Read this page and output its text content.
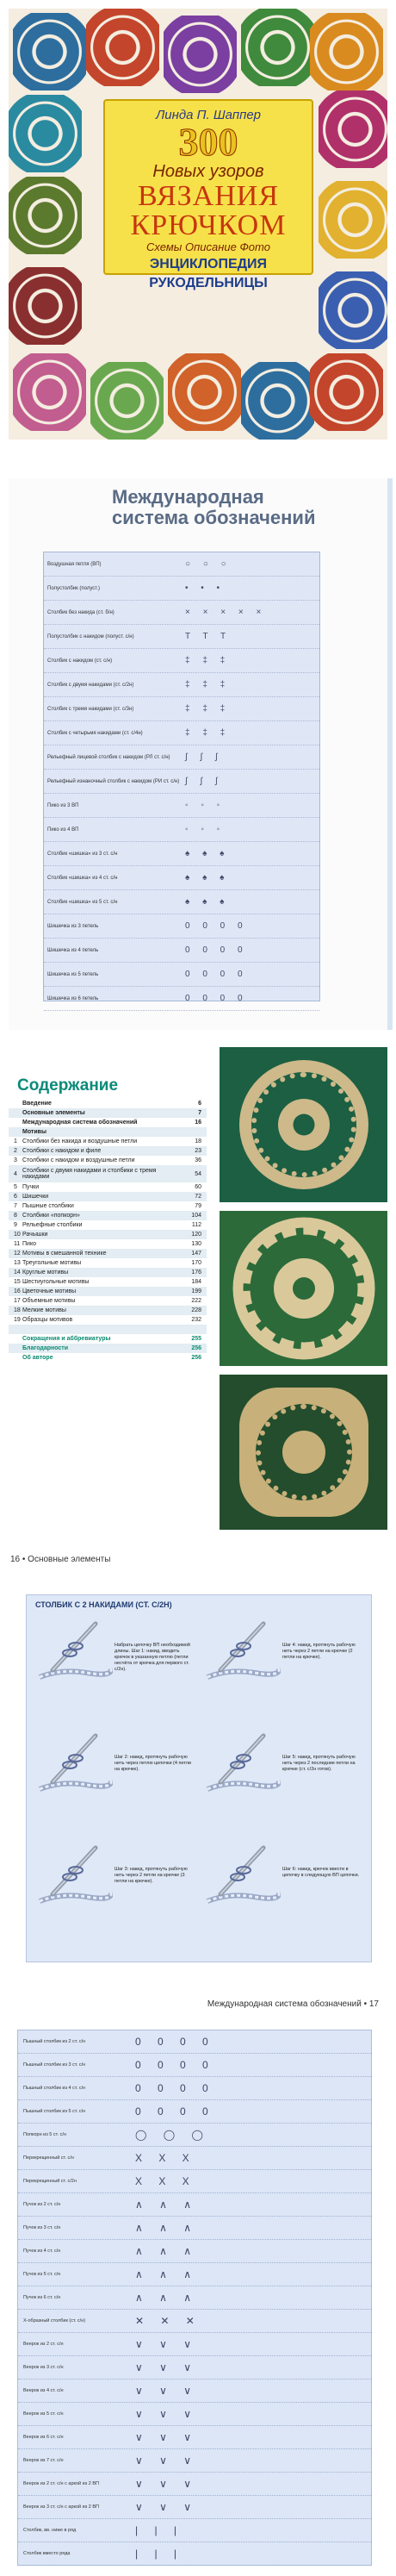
Линда П. Шаппер
300
Новых узоров
ВЯЗАНИЯ
КРЮЧКОМ
Схемы Описание Фото
ЭНЦИКЛОПЕДИЯ
РУКОДЕЛЬНИЦЫ
Международная
система обозначений
Воздушная петля (ВП)	○ ○ ○
Полустолбик (полуст.)	• • •
Столбик без накида (ст. б/н)	× × × × ×
Полустолбик с накидом (полуст. с/н)	T T T
Столбик с накидом (ст. с/н)	‡ ‡ ‡
Столбик с двумя накидами (ст. с/2н)	‡ ‡ ‡
Столбик с тремя накидами (ст. с/3н)	‡ ‡ ‡
Столбик с четырьмя накидами (ст. с/4н)	‡ ‡ ‡
Рельефный лицевой столбик с накидом (РЛ ст. с/н)	∫ ∫ ∫
Рельефный изнаночный столбик с накидом (РИ ст. с/н) ∫ ∫ ∫
Пико из 3 ВП	◦ ◦ ◦
Пико из 4 ВП	◦ ◦ ◦
Столбик «шишка» из 3 ст. с/н	♠ ♠ ♠
Столбик «шишка» из 4 ст. с/н	♠ ♠ ♠
Столбик «шишка» из 5 ст. с/н	♠ ♠ ♠
Шишечка из 3 петель	0 0 0 0
Шишечка из 4 петель	0 0 0 0
Шишечка из 5 петель	0 0 0 0
Шишечка из 6 петель	0 0 0 0
Содержание
Введение	6
Основные элементы	7
Международная система обозначений	16
Мотивы
1 Столбики без накида и воздушные петли	18
2 Столбики с накидом и филе	23
3 Столбики с накидом и воздушные петли	36
4 Столбики с двумя накидами и столбики с тремя накидами	54
5 Пучки	60
6 Шишечки	72
7 Пышные столбики	79
8 Столбики «попкорн»	104
9 Рельефные столбики	112
10 Рачышки	120
11 Пико	130
12 Мотивы в смешанной технике	147
13 Треугольные мотивы	170
14 Круглые мотивы	176
15 Шестиугольные мотивы	184
16 Цветочные мотивы	199
17 Объемные мотивы	222
18 Мелкие мотивы	228
19 Образцы мотивов	232
Сокращения и аббревиатуры	255
Благодарности	256
Об авторе	256
16 • Основные элементы
СТОЛБИК С 2 НАКИДАМИ (СТ. С/2Н)
Набрать цепочку ВП необходимой длины. Шаг 1: накид, вводить крючок в указанную петлю (петли несчёта от крючка для первого ст. с/2н).
Шаг 4: накид, протянуть рабочую нить через 2 петли на крючке (2 петли на крючке).
Шаг 2: накид, протянуть рабочую нить через петлю цепочки (4 петли на крючке).
Шаг 5: накид, протянуть рабочую нить через 2 последние петли на крючке (ст. с/2н готов).
Шаг 3: накид, протянуть рабочую нить через 2 петли на крючке (3 петли на крючке).
Шаг 6: накид, крючок ввести в цепочку в следующую ВП цепочки.
Международная система обозначений • 17
Пышный столбик из 2 ст. с/н	0 0 0 0
Пышный столбик из 3 ст. с/н	0 0 0 0
Пышный столбик из 4 ст. с/н	0 0 0 0
Пышный столбик из 5 ст. с/н	0 0 0 0
Попкорн из 5 ст. с/н	◯ ◯ ◯
Перекрещенный ст. с/н	X X X
Перекрещенный ст. с/2н	X X X
Пучок из 2 ст. с/н	∧ ∧ ∧
Пучок из 3 ст. с/н	∧ ∧ ∧
Пучок из 4 ст. с/н	∧ ∧ ∧
Пучок из 5 ст. с/н	∧ ∧ ∧
Пучок из 6 ст. с/н	∧ ∧ ∧
Х-образный столбик (ст. с/н)	✕ ✕ ✕
Веерок из 2 ст. с/н	∨ ∨ ∨
Веерок из 3 ст. с/н	∨ ∨ ∨
Веерок из 4 ст. с/н	∨ ∨ ∨
Веерок из 5 ст. с/н	∨ ∨ ∨
Веерок из 6 ст. с/н	∨ ∨ ∨
Веерок из 7 ст. с/н	∨ ∨ ∨
Веерок из 2 ст. с/н с аркой из 2 ВП	∨ ∨ ∨
Веерок из 3 ст. с/н с аркой из 2 ВП	∨ ∨ ∨
Столбик, вв. ниже в ряд	| | |
Столбик вместо ряда	| | |
